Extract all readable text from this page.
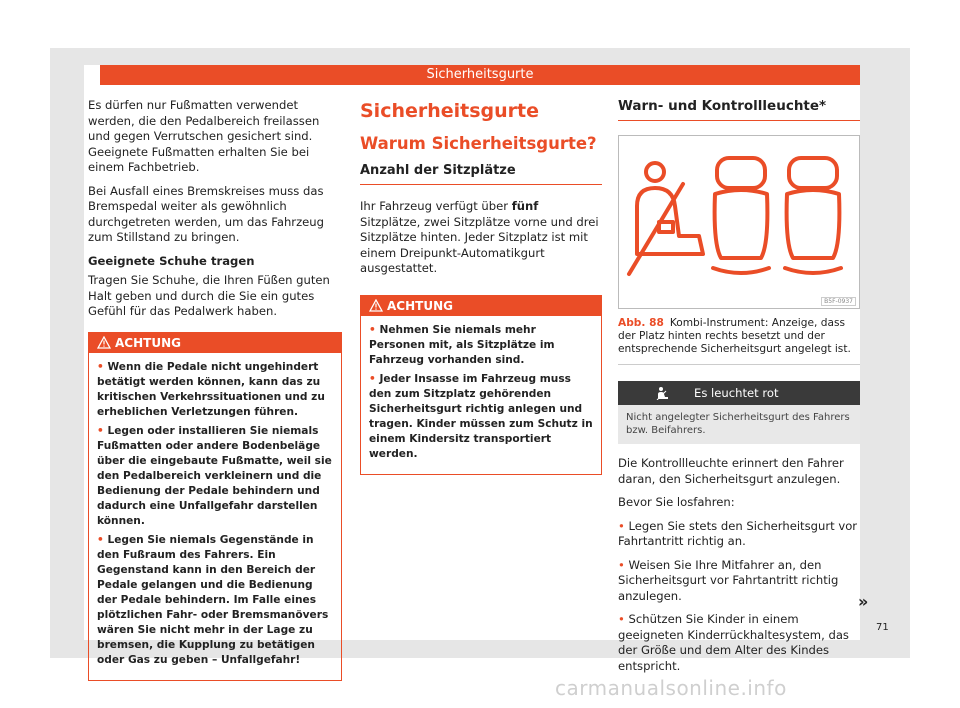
Sicherheitsgurte

Es dürfen nur Fußmatten verwendet werden, die den Pedalbereich freilassen und gegen Verrutschen gesichert sind. Geeignete Fußmatten erhalten Sie bei einem Fachbetrieb.

Bei Ausfall eines Bremskreises muss das Bremspedal weiter als gewöhnlich durchgetreten werden, um das Fahrzeug zum Stillstand zu bringen.

Geeignete Schuhe tragen

Tragen Sie Schuhe, die Ihren Füßen guten Halt geben und durch die Sie ein gutes Gefühl für das Pedalwerk haben.

ACHTUNG

• Wenn die Pedale nicht ungehindert betätigt werden können, kann das zu kritischen Verkehrssituationen und zu erheblichen Verletzungen führen.

• Legen oder installieren Sie niemals Fußmatten oder andere Bodenbeläge über die eingebaute Fußmatte, weil sie den Pedalbereich verkleinern und die Bedienung der Pedale behindern und dadurch eine Unfallgefahr darstellen können.

• Legen Sie niemals Gegenstände in den Fußraum des Fahrers. Ein Gegenstand kann in den Bereich der Pedale gelangen und die Bedienung der Pedale behindern. Im Falle eines plötzlichen Fahr- oder Bremsmanövers wären Sie nicht mehr in der Lage zu bremsen, die Kupplung zu betätigen oder Gas zu geben – Unfallgefahr!

Sicherheitsgurte
Warum Sicherheitsgurte?
Anzahl der Sitzplätze

Ihr Fahrzeug verfügt über fünf Sitzplätze, zwei Sitzplätze vorne und drei Sitzplätze hinten. Jeder Sitzplatz ist mit einem Dreipunkt-Automatikgurt ausgestattet.

ACHTUNG

• Nehmen Sie niemals mehr Personen mit, als Sitzplätze im Fahrzeug vorhanden sind.

• Jeder Insasse im Fahrzeug muss den zum Sitzplatz gehörenden Sicherheitsgurt richtig anlegen und tragen. Kinder müssen zum Schutz in einem Kindersitz transportiert werden.

Warn- und Kontrollleuchte*
B5F-0937

Abb. 88 Kombi-Instrument: Anzeige, dass der Platz hinten rechts besetzt und der entsprechende Sicherheitsgurt angelegt ist.

Es leuchtet rot
Nicht angelegter Sicherheitsgurt des Fahrers bzw. Beifahrers.

Die Kontrollleuchte erinnert den Fahrer daran, den Sicherheitsgurt anzulegen.

Bevor Sie losfahren:

• Legen Sie stets den Sicherheitsgurt vor Fahrtantritt richtig an.

• Weisen Sie Ihre Mitfahrer an, den Sicherheitsgurt vor Fahrtantritt richtig anzulegen.

• Schützen Sie Kinder in einem geeigneten Kinderrückhaltesystem, das der Größe und dem Alter des Kindes entspricht.

»
71
carmanualsonline.info
